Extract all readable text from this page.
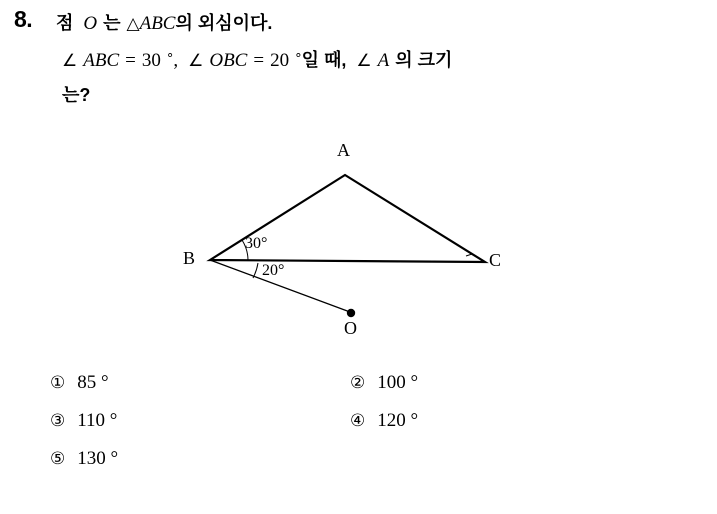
8. 점 O 는 △ABC의 외심이다.
∠ ABC = 30 °, ∠ OBC = 20 °일 때, ∠ A 의 크기
는?
A
B	C
O
30°
20°
① 85 °	② 100 °
③ 110 °	④ 120 °
⑤ 130 °
